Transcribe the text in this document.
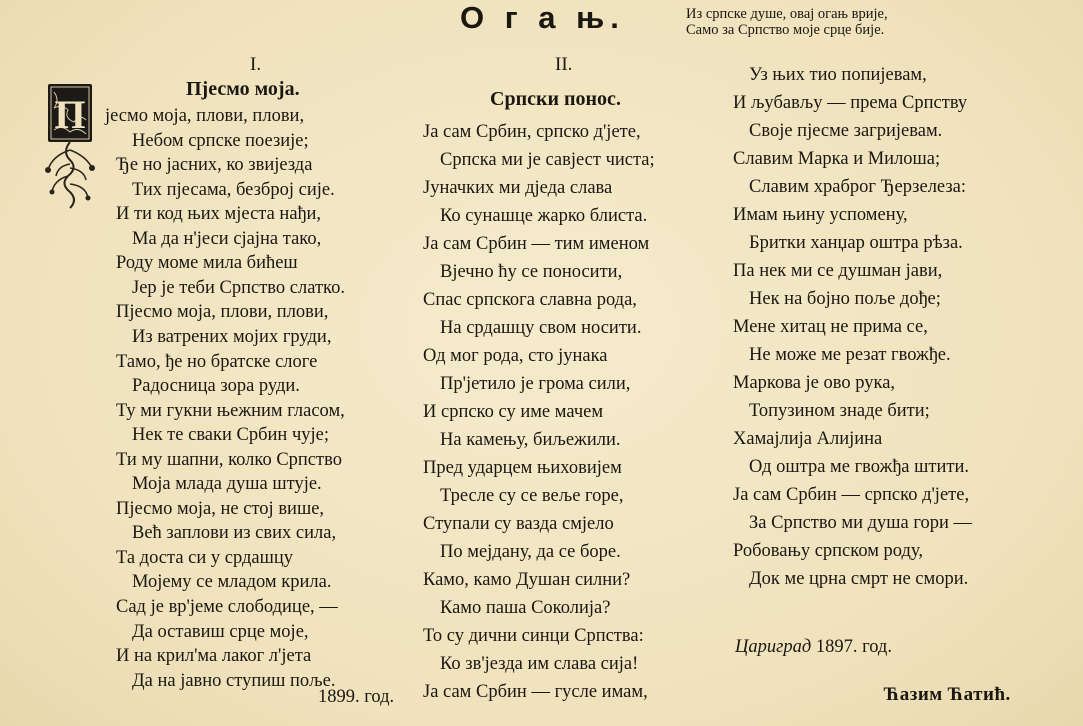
О г а њ.	Из српске душе, овај огањ врије,
Само за Српство моје срце бије.
I.
Пјесмо моја.
П јесмо моја, плови, плови,
Небом српске поезије;
Ђе но јасних, ко звијезда
Тих пјесама, безброј сије.
И ти код њих мјеста нађи,
Ма да н'јеси сјајна тако,
Роду моме мила бићеш
Јер је теби Српство слатко.
Пјесмо моја, плови, плови,
Из ватрених мојих груди,
Тамо, ђе но братске слоге
Радосница зора руди.
Ту ми гукни њежним гласом,
Нек те сваки Србин чује;
Ти му шапни, колко Српство
Моја млада душа штује.
Пјесмо моја, не стој више,
Већ заплови из свих сила,
Та доста си у срдашцу
Мојему се младом крила.
Сад је вр'јеме слободице, —
Да оставиш срце моје,
И на крил'ма лаког л'јета
Да на јавно ступиш поље.
1899. год.
II.
Српски понос.
Ја сам Србин, српско д'јете,
Српска ми је савјест чиста;
Јуначких ми дједа слава
Ко сунашце жарко блиста.
Ја сам Србин — тим именом
Вјечно ћу се поносити,
Спас српскога славна рода,
На срдашцу свом носити.
Од мог рода, сто јунака
Пр'јетило је грома сили,
И српско су име мачем
На камењу, биљежили.
Пред ударцем њиховијем
Тресле су се веље горе,
Ступали су вазда смјело
По мејдану, да се боре.
Камо, камо Душан силни?
Камо паша Соколија?
То су дични синци Српства:
Ко зв'језда им слава сија!
Ја сам Србин — гусле имам,
Уз њих тио попијевам,
И љубављу — према Српству
Своје пјесме загријевам.
Славим Марка и Милоша;
Славим храброг Ђерзелеза:
Имам њину успомену,
Бритки ханџар оштра рѣза.
Па нек ми се душман јави,
Нек на бојно поље дође;
Мене хитац не прима се,
Не може ме резат гвожђе.
Маркова је ово рука,
Топузином знаде бити;
Хамајлија Алијина
Од оштра ме гвожђа штити.
Ја сам Србин — српско д'јете,
За Српство ми душа гори —
Робовању српском роду,
Док ме црна смрт не смори.
Цариград 1897. год.
Ћазим Ћатић.
